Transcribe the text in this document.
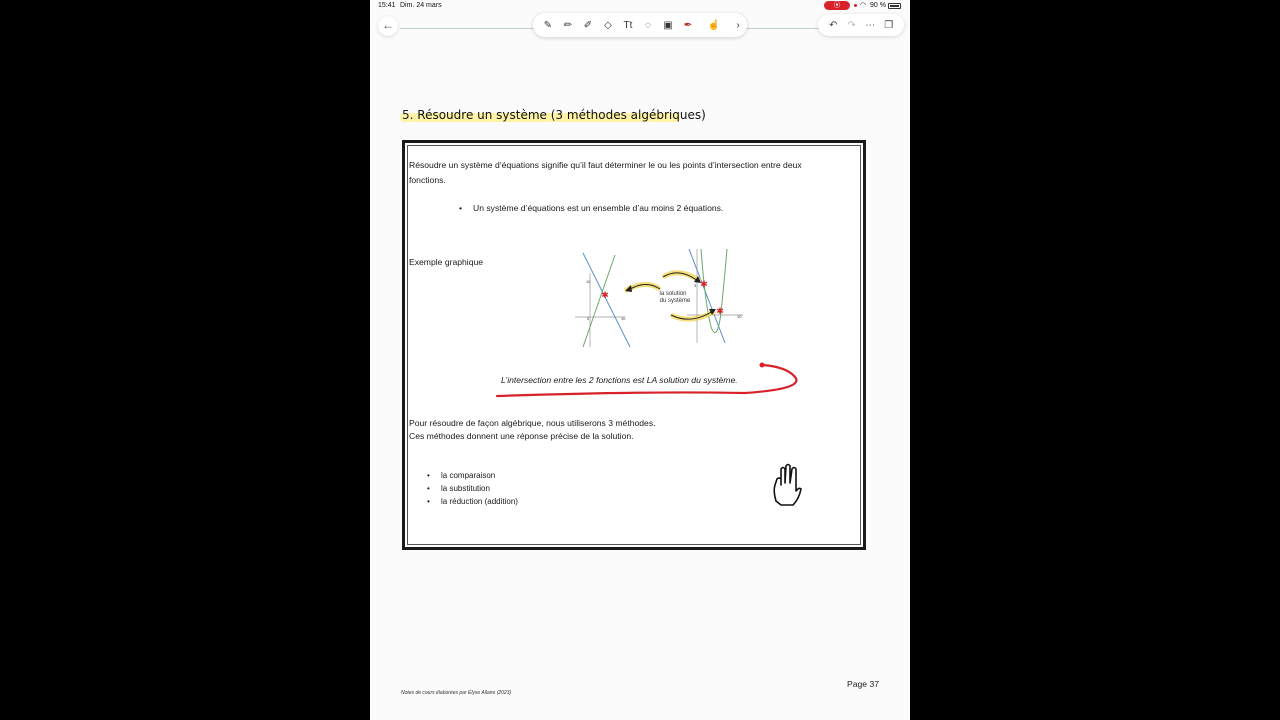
15:41 Dim. 24 mars	⦿	◠ 90 %
←	✎ ✏ ✐	◇	Tt	◌	▣ ✒ ☝	›	↶ ↷ ⋯ ❐
5. Résoudre un système (3 méthodes algébriques)
Résoudre un système d’équations signifie qu’il faut déterminer le ou les points d’intersection entre deux
fonctions.
• Un système d’équations est un ensemble d’au moins 2 équations.
Exemple graphique
✱
10
10
0
la solution
du système
✱
✱
3
10
L’intersection entre les 2 fonctions est LA solution du système.
Pour résoudre de façon algébrique, nous utiliserons 3 méthodes.
Ces méthodes donnent une réponse précise de la solution.
• la comparaison
• la substitution
• la réduction (addition)
Notes de cours élaborées par Élyse Allaire (2023)
Page 37
